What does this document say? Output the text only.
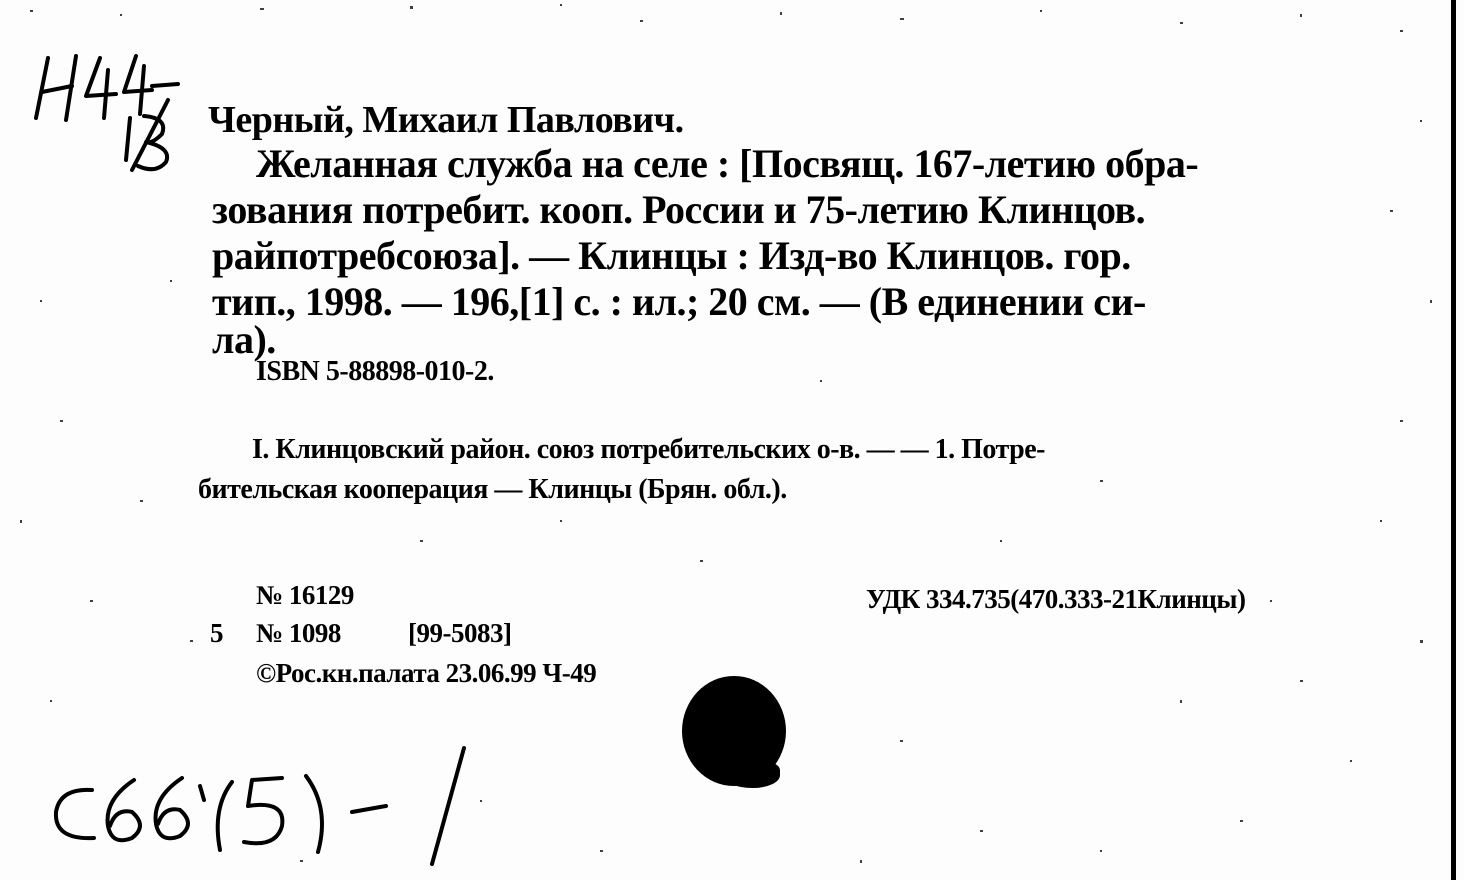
Н44/13
С66(5)-1
Черный, Михаил Павлович.
Желанная служба на селе : [Посвящ. 167-летию обра-
зования потребит. кооп. России и 75-летию Клинцов.
райпотребсоюза]. — Клинцы : Изд-во Клинцов. гор.
тип., 1998. — 196,[1] с. : ил.; 20 см. — (В единении си-
ла).
ISBN 5-88898-010-2.
I. Клинцовский район. союз потребительских о-в. — — 1. Потре-
бительская кооперация — Клинцы (Брян. обл.).
№ 16129
5 № 1098 [99-5083]
©Рос.кн.палата 23.06.99 Ч-49
УДК 334.735(470.333-21Клинцы)
